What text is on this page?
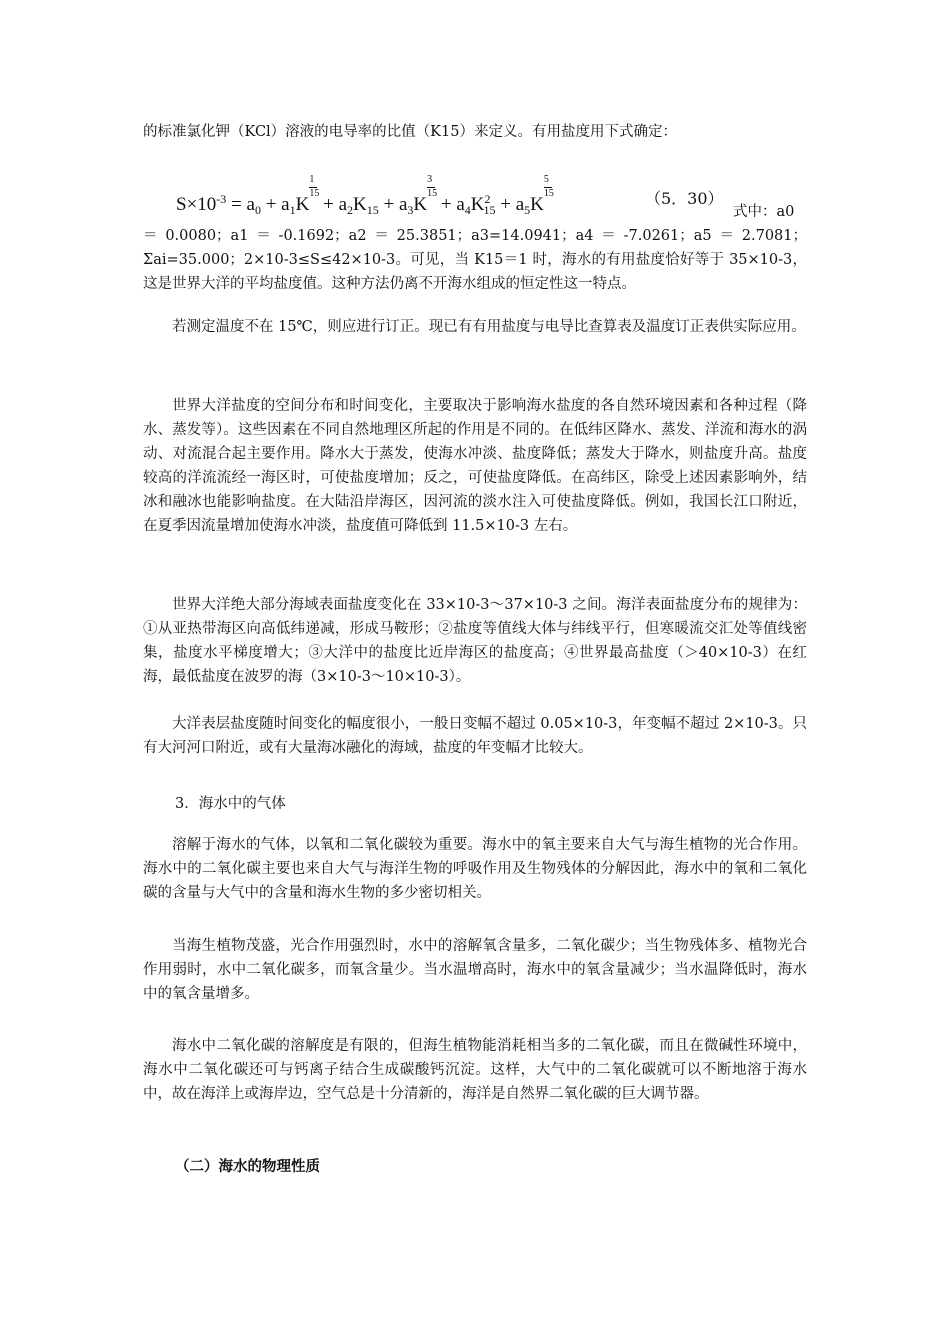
的标准氯化钾（KCl）溶液的电导率的比值（K15）来定义。有用盐度用下式确定：

$S\times 10^{-3} = a_0 + a_1K \frac{1}{15} + a_2K_{15} + a_3K \frac{3}{15} + a_4K^2_{15} + a_5K \frac{5}{15}$	（5．30）
式中：a0

＝0.0080；a1＝-0.1692；a2＝25.3851；a3=14.0941；a4＝-7.0261；a5＝2.7081；Σai=35.000；2×10-3≤S≤42×10-3。可见，当 K15＝1 时，海水的有用盐度恰好等于 35×10-3，这是世界大洋的平均盐度值。这种方法仍离不开海水组成的恒定性这一特点。

若测定温度不在 15℃，则应进行订正。现已有有用盐度与电导比查算表及温度订正表供实际应用。

世界大洋盐度的空间分布和时间变化，主要取决于影响海水盐度的各自然环境因素和各种过程（降水、蒸发等）。这些因素在不同自然地理区所起的作用是不同的。在低纬区降水、蒸发、洋流和海水的涡动、对流混合起主要作用。降水大于蒸发，使海水冲淡、盐度降低；蒸发大于降水，则盐度升高。盐度较高的洋流流经一海区时，可使盐度增加；反之，可使盐度降低。在高纬区，除受上述因素影响外，结冰和融冰也能影响盐度。在大陆沿岸海区，因河流的淡水注入可使盐度降低。例如，我国长江口附近，在夏季因流量增加使海水冲淡，盐度值可降低到 11.5×10-3 左右。

世界大洋绝大部分海域表面盐度变化在 33×10-3～37×10-3 之间。海洋表面盐度分布的规律为：①从亚热带海区向高低纬递减，形成马鞍形；②盐度等值线大体与纬线平行，但寒暖流交汇处等值线密集，盐度水平梯度增大；③大洋中的盐度比近岸海区的盐度高；④世界最高盐度（＞40×10-3）在红海，最低盐度在波罗的海（3×10-3～10×10-3）。

大洋表层盐度随时间变化的幅度很小，一般日变幅不超过 0.05×10-3，年变幅不超过 2×10-3。只有大河河口附近，或有大量海冰融化的海域，盐度的年变幅才比较大。

3．海水中的气体

溶解于海水的气体，以氧和二氧化碳较为重要。海水中的氧主要来自大气与海生植物的光合作用。海水中的二氧化碳主要也来自大气与海洋生物的呼吸作用及生物残体的分解因此，海水中的氧和二氧化碳的含量与大气中的含量和海水生物的多少密切相关。

当海生植物茂盛，光合作用强烈时，水中的溶解氧含量多，二氧化碳少；当生物残体多、植物光合作用弱时，水中二氧化碳多，而氧含量少。当水温增高时，海水中的氧含量减少；当水温降低时，海水中的氧含量增多。

海水中二氧化碳的溶解度是有限的，但海生植物能消耗相当多的二氧化碳，而且在微碱性环境中，海水中二氧化碳还可与钙离子结合生成碳酸钙沉淀。这样，大气中的二氧化碳就可以不断地溶于海水中，故在海洋上或海岸边，空气总是十分清新的，海洋是自然界二氧化碳的巨大调节器。

（二）海水的物理性质
